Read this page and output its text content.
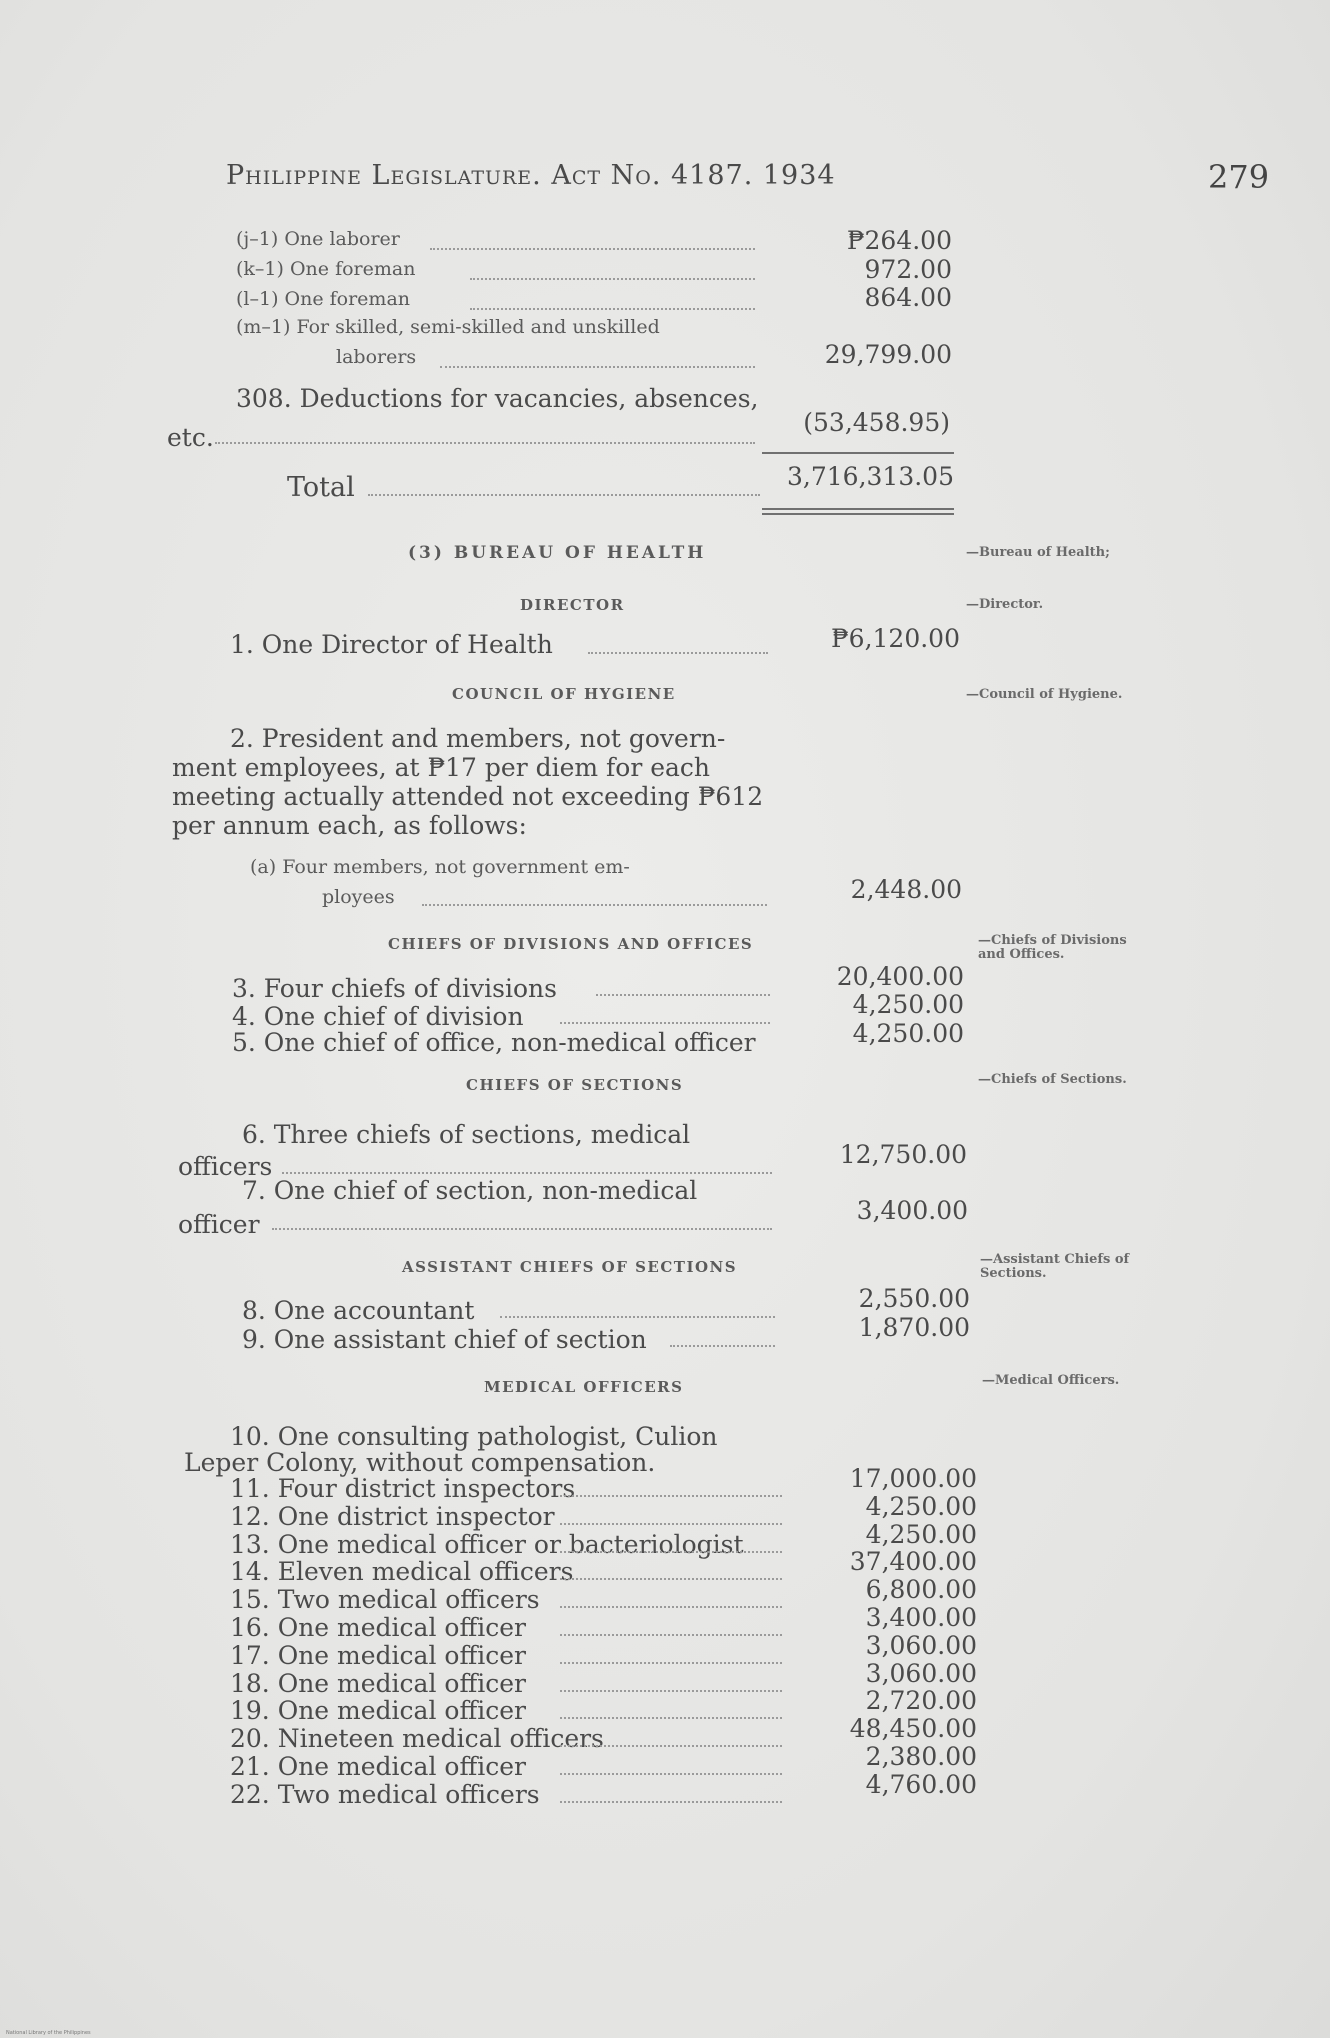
Philippine Legislature. Act No. 4187. 1934	279
(j–1) One laborer	₱264.00
(k–1) One foreman	972.00
(l–1) One foreman	864.00
(m–1) For skilled, semi-skilled and unskilled
laborers	29,799.00
308. Deductions for vacancies, absences,
etc.
(53,458.95)
Total	3,716,313.05
(3) BUREAU OF HEALTH	—Bureau of Health;
DIRECTOR	—Director.
1. One Director of Health	₱6,120.00
COUNCIL OF HYGIENE	—Council of Hygiene.
2. President and members, not govern-
ment employees, at ₱17 per diem for each
meeting actually attended not exceeding ₱612
per annum each, as follows:
(a) Four members, not government em-
ployees	2,448.00
CHIEFS OF DIVISIONS AND OFFICES	—Chiefs of Divisions
and Offices.
3. Four chiefs of divisions	20,400.00
4. One chief of division	4,250.00
5. One chief of office, non-medical officer	4,250.00
CHIEFS OF SECTIONS	—Chiefs of Sections.
6. Three chiefs of sections, medical
officers	12,750.00
7. One chief of section, non-medical
officer	3,400.00
ASSISTANT CHIEFS OF SECTIONS	—Assistant Chiefs of
Sections.
8. One accountant	2,550.00
9. One assistant chief of section	1,870.00
MEDICAL OFFICERS	—Medical Officers.
10. One consulting pathologist, Culion
Leper Colony, without compensation.
11. Four district inspectors	17,000.00
12. One district inspector	4,250.00
13. One medical officer or bacteriologist	4,250.00
14. Eleven medical officers	37,400.00
15. Two medical officers	6,800.00
16. One medical officer	3,400.00
17. One medical officer	3,060.00
18. One medical officer	3,060.00
19. One medical officer	2,720.00
20. Nineteen medical officers	48,450.00
21. One medical officer	2,380.00
22. Two medical officers	4,760.00
National Library of the Philippines
